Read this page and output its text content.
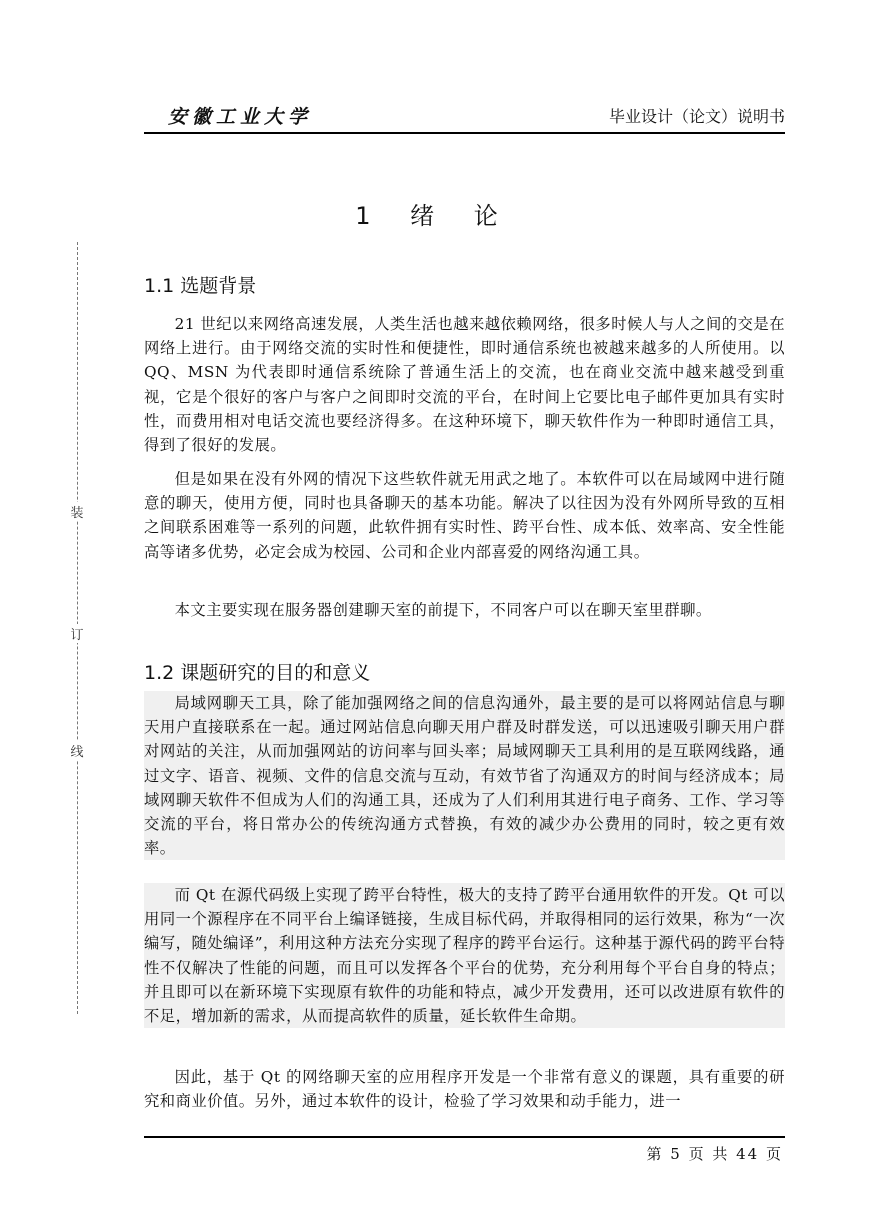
安徽工业大学	毕业设计（论文）说明书
装
订
线
1 绪 论
1.1 选题背景

21 世纪以来网络高速发展，人类生活也越来越依赖网络，很多时候人与人之间的交是在网络上进行。由于网络交流的实时性和便捷性，即时通信系统也被越来越多的人所使用。以 QQ、MSN 为代表即时通信系统除了普通生活上的交流，也在商业交流中越来越受到重视，它是个很好的客户与客户之间即时交流的平台，在时间上它要比电子邮件更加具有实时性，而费用相对电话交流也要经济得多。在这种环境下，聊天软件作为一种即时通信工具，得到了很好的发展。

但是如果在没有外网的情况下这些软件就无用武之地了。本软件可以在局域网中进行随意的聊天，使用方便，同时也具备聊天的基本功能。解决了以往因为没有外网所导致的互相之间联系困难等一系列的问题，此软件拥有实时性、跨平台性、成本低、效率高、安全性能高等诸多优势，必定会成为校园、公司和企业内部喜爱的网络沟通工具。

本文主要实现在服务器创建聊天室的前提下，不同客户可以在聊天室里群聊。

1.2 课题研究的目的和意义

局域网聊天工具，除了能加强网络之间的信息沟通外，最主要的是可以将网站信息与聊天用户直接联系在一起。通过网站信息向聊天用户群及时群发送，可以迅速吸引聊天用户群对网站的关注，从而加强网站的访问率与回头率；局域网聊天工具利用的是互联网线路，通过文字、语音、视频、文件的信息交流与互动，有效节省了沟通双方的时间与经济成本；局域网聊天软件不但成为人们的沟通工具，还成为了人们利用其进行电子商务、工作、学习等交流的平台，将日常办公的传统沟通方式替换，有效的减少办公费用的同时，较之更有效率。

而 Qt 在源代码级上实现了跨平台特性，极大的支持了跨平台通用软件的开发。Qt 可以用同一个源程序在不同平台上编译链接，生成目标代码，并取得相同的运行效果，称为“一次编写，随处编译”，利用这种方法充分实现了程序的跨平台运行。这种基于源代码的跨平台特性不仅解决了性能的问题，而且可以发挥各个平台的优势，充分利用每个平台自身的特点；并且即可以在新环境下实现原有软件的功能和特点，减少开发费用，还可以改进原有软件的不足，增加新的需求，从而提高软件的质量，延长软件生命期。

因此，基于 Qt 的网络聊天室的应用程序开发是一个非常有意义的课题，具有重要的研究和商业价值。另外，通过本软件的设计，检验了学习效果和动手能力，进一

第 5 页 共 44 页
